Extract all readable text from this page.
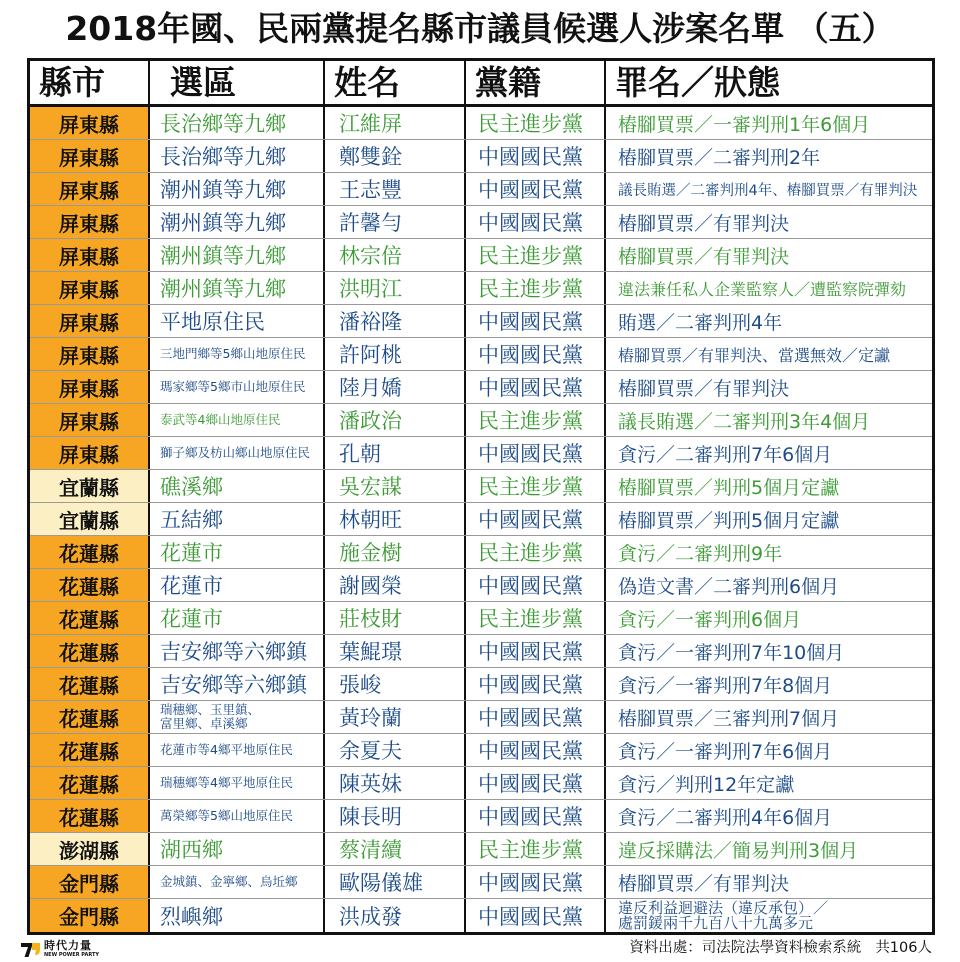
2018年國、民兩黨提名縣市議員候選人涉案名單 （五）
縣市	選區	姓名	黨籍	罪名／狀態
屏東縣	長治鄉等九鄉	江維屏	民主進步黨	樁腳買票／一審判刑1年6個月
屏東縣	長治鄉等九鄉	鄭雙銓	中國國民黨	樁腳買票／二審判刑2年
屏東縣	潮州鎮等九鄉	王志豐	中國國民黨	議長賄選／二審判刑4年、樁腳買票／有罪判決
屏東縣	潮州鎮等九鄉	許馨勻	中國國民黨	樁腳買票／有罪判決
屏東縣	潮州鎮等九鄉	林宗倍	民主進步黨	樁腳買票／有罪判決
屏東縣	潮州鎮等九鄉	洪明江	民主進步黨	違法兼任私人企業監察人／遭監察院彈劾
屏東縣	平地原住民	潘裕隆	中國國民黨	賄選／二審判刑4年
屏東縣	三地門鄉等5鄉山地原住民	許阿桃	中國國民黨	樁腳買票／有罪判決、當選無效／定讞
屏東縣	瑪家鄉等5鄉市山地原住民	陸月嬌	中國國民黨	樁腳買票／有罪判決
屏東縣	泰武等4鄉山地原住民	潘政治	民主進步黨	議長賄選／二審判刑3年4個月
屏東縣	獅子鄉及枋山鄉山地原住民	孔朝	中國國民黨	貪污／二審判刑7年6個月
宜蘭縣	礁溪鄉	吳宏謀	民主進步黨	樁腳買票／判刑5個月定讞
宜蘭縣	五結鄉	林朝旺	中國國民黨	樁腳買票／判刑5個月定讞
花蓮縣	花蓮市	施金樹	民主進步黨	貪污／二審判刑9年
花蓮縣	花蓮市	謝國榮	中國國民黨	偽造文書／二審判刑6個月
花蓮縣	花蓮市	莊枝財	民主進步黨	貪污／一審判刑6個月
花蓮縣	吉安鄉等六鄉鎮	葉鯤璟	中國國民黨	貪污／一審判刑7年10個月
花蓮縣	吉安鄉等六鄉鎮	張峻	中國國民黨	貪污／一審判刑7年8個月
花蓮縣	瑞穗鄉、玉里鎮、
富里鄉、卓溪鄉	黃玲蘭	中國國民黨	樁腳買票／三審判刑7個月
花蓮縣	花蓮市等4鄉平地原住民	余夏夫	中國國民黨	貪污／一審判刑7年6個月
花蓮縣	瑞穗鄉等4鄉平地原住民	陳英妹	中國國民黨	貪污／判刑12年定讞
花蓮縣	萬榮鄉等5鄉山地原住民	陳長明	中國國民黨	貪污／二審判刑4年6個月
澎湖縣	湖西鄉	蔡清續	民主進步黨	違反採購法／簡易判刑3個月
金門縣	金城鎮、金寧鄉、烏坵鄉	歐陽儀雄	中國國民黨	樁腳買票／有罪判決
金門縣	烈嶼鄉	洪成發	中國國民黨	違反利益迴避法（違反承包）／
處罰鍰兩千九百八十九萬多元
時代力量
NEW POWER PARTY	資料出處：司法院法學資料檢索系統 共106人
